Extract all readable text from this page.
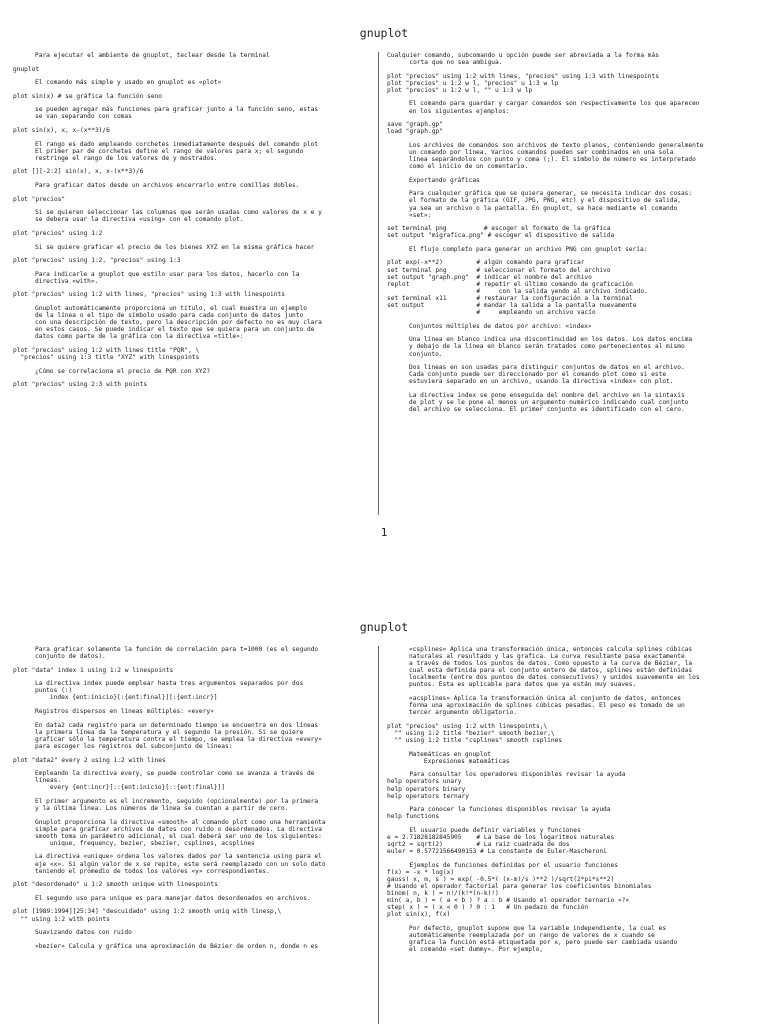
gnuplot
Para ejecutar el ambiente de gnuplot, teclear desde la terminal
gnuplot
El comando más simple y usado en gnuplot es «plot»
plot sin(x) # se gráfica la función seno
se pueden agregar más funciones para graficar junto a la función seno, estas
se van separando con comas
plot sin(x), x, x-(x**3)/6
El rango es dado empleando corchetes inmediatamente después del comando plot
El primer par de corchetes define el rango de valores para x; el segundo
restringe el rango de los valores de y mostrados.
plot [][-2:2] sin(x), x, x-(x**3)/6
Para graficar datos desde un archivos encerrarlo entre comillas dobles.
plot "precios"
Si se quieren seleccionar las columnas que serán usadas como valores de x e y
se debera usar la directiva «using» con el comando plot.
plot "precios" using 1:2
Si se quiere graficar el precio de los bienes XYZ en la misma gráfica hacer
plot "precios" using 1:2, "precios" using 1:3
Para indicarle a gnuplot que estilo usar para los datos, hacerlo con la
directiva «with».
plot "precios" using 1:2 with lines, "precios" using 1:3 with linespoints
Gnuplot automáticamente proporciona un título, el cual muestra un ejemplo
de la línea o el tipo de símbolo usado para cada conjunto de datos junto
con una descripción de texto, pero la descripción por defecto no es muy clara
en estos casos. Se puede indicar el texto que se quiera para un conjunto de
datos como parte de la gráfica con la directiva «title»:
plot "precios" using 1:2 with lines title "PQR", \
"precios" using 1:3 title "XYZ" with linespoints
¿Cómo se correlaciona el precio de PQR con XYZ?
plot "precios" using 2:3 with points
Cualquier comando, subcomando u opción puede ser abreviada a la forma más
corta que no sea ambigua.
plot "precios" using 1:2 with lines, "precios" using 1:3 with linespoints
plot "precios" u 1:2 w l, "precios" u 1:3 w lp
plot "precios" u 1:2 w l, "" u 1:3 w lp
El comando para guardar y cargar comandos son respectivamente los que aparecen
en los siguientes ejemplos:
save "graph.gp"
load "graph.gp"
Los archivos de comandos son archivos de texto planos, conteniendo generalmente
un comando por línea. Varios comandos pueden ser combinados en una sola
línea separándolos con punto y coma (;). El símbolo de número es interpretado
como el inicio de un comentario.
Exportando gráficas
Para cualquier gráfica que se quiera generar, se necesita indicar dos cosas:
el formato de la gráfica (GIF, JPG, PNG, etc) y el dispositivo de salida,
ya sea un archivo o la pantalla. En gnuplot, se hace mediante el comando
«set»:
set terminal png          # escoger el formato de la gráfica
set output "migrafica.png" # escoger el dispositivo de salida
El flujo completo para generar un archivo PNG con gnuplot sería:
plot exp(-x**2)         # algún comando para graficar
set terminal png        # seleccionar el formato del archivo
set output "graph.png"  # indicar el nombre del archivo
replot                  # repetir el último comando de graficación
#     con la salida yendo al archivo indicado.
set terminal x11        # restaurar la configuración a la terminal
set output              # mandar la salida a la pantalla nuevamente
#     empleando un archivo vacío
Conjuntos múltiples de datos por archivo: «index»
Una línea en blanco indica una discontinuidad en los datos. Los datos encima
y debajo de la línea en blanco serán tratados como pertenecientes al mismo
conjunto.
Dos líneas en son usadas para distinguir conjuntos de datos en el archivo.
Cada conjunto puede ser direccionado por el comando plot como si este
estuviera separado en un archivo, usando la directiva «index» con plot.
La directiva index se pone enseguida del nombre del archivo en la sintaxis
de plot y se le pone al menos un argumento numérico indicando cual conjunto
del archivo se selecciona. El primer conjunto es identificado con el cero.
1
gnuplot
Para graficar solamente la función de correlación para t=1000 (es el segundo
conjunto de datos).
plot "data" index 1 using 1:2 w linespoints
La directiva index puede emplear hasta tres argumentos separados por dos
puntos (:)
index {ent:inicio}[:{ent:final}][:{ent:incr}]
Registros dispersos en líneas múltiples: «every»
En data2 cada registro para un determinado tiempo se encuentra en dos líneas
la primera línea da la temperatura y el segundo la presión. Si se quiere
graficar sólo la temperatura contra el tiempo, se emplea la directiva «every»
para escoger los registros del subconjunto de líneas:
plot "data2" every 2 using 1:2 with lines
Empleando la directiva every, se puede controlar como se avanza a través de
líneas.
every {ent:incr}[::{ent:inicio}[::{ent:final}]]
El primer argumento es el incremento, seguido (opcionalmente) por la primera
y la última línea. Los números de línea se cuentan a partir de cero.
Gnuplot proporciona la directiva «smooth» al comando plot como una herramienta
simple para graficar archivos de datos con ruido o desordenados. La directiva
smooth toma un parámetro adicional, el cual deberá ser uno de los siguientes:
unique, frequency, bezier, sbezier, csplines, acsplines
La directiva «unique» ordena los valores dados por la sentencia using para el
eje «x». Si algún valor de x se repite, este será reemplazado con un solo dato
teniendo el promedio de todos los valores «y» correspondientes.
plot "desordenado" u 1:2 smooth unique with linespoints
El segundo uso para unique es para manejar datos desordenados en archivos.
plot [1989:1994][25:34] "descuidado" using 1:2 smooth uniq with linesp,\
"" using 1:2 with points
Suavizando datos con ruido
«bezier» Calcula y gráfica una aproximación de Bézier de orden n, donde n es
«csplines» Aplica una transformación única, entonces calcula splines cúbicas
naturales al resultado y las grafica. La curva resultante pasa exactamente
a través de todos los puntos de datos. Como opuesto a la curva de Bézier, la
cual esta definida para el conjunto entero de datos, splines están definidas
localmente (entre dos puntos de datos consecutivos) y unidos suavemente en los
puntos. Esta es aplicable para datos que ya están muy suaves.
«acsplines» Aplica la transformación única al conjunto de datos, entonces
forma una aproximación de splines cúbicas pesadas. El peso es tomado de un
tercer argumento obligatorio.
plot "precios" using 1:2 with linespoints,\
"" using 1:2 title "bezier" smooth bezier,\
"" using 1:2 title "csplines" smooth csplines
Matemáticas en gnuplot
Expresiones matemáticas
Para consultar los operadores disponibles revisar la ayuda
help operators unary
help operators binary
help operators ternary
Para conocer la funciones disponibles revisar la ayuda
help functions
El usuario puede definir variables y funciones
e = 2.71828182845905    # La base de los logaritmos naturales
sqrt2 = sqrt(2)         # La raíz cuadrada de dos
euler = 0.57721566490153 # La constante de Euler-Mascheroni
Ejemplos de funciones definidas por el usuario funciones
f(x) = -x * log(x)
gauss( x, m, s ) = exp( -0.5*( (x-m)/s )**2 )/sqrt(2*pi*s**2)
# Usando el operador factorial para generar los coeficientes binomiales
binom( n, k ) = n!/(k!*(n-k)!)
min( a, b ) = ( a < b ) ? a : b # Usando el operador ternario «?»
step( x ) = ( x < 0 ) ? 0 : 1   # Un pedazo de función
plot sin(x), f(x)
Por defecto, gnuplot supone que la variable independiente, la cual es
automáticamente reemplazada por un rango de valores de x cuando se
grafica la función está etiquetada por x, pero puede ser cambiada usando
el comando «set dummy». Por ejemplo,
